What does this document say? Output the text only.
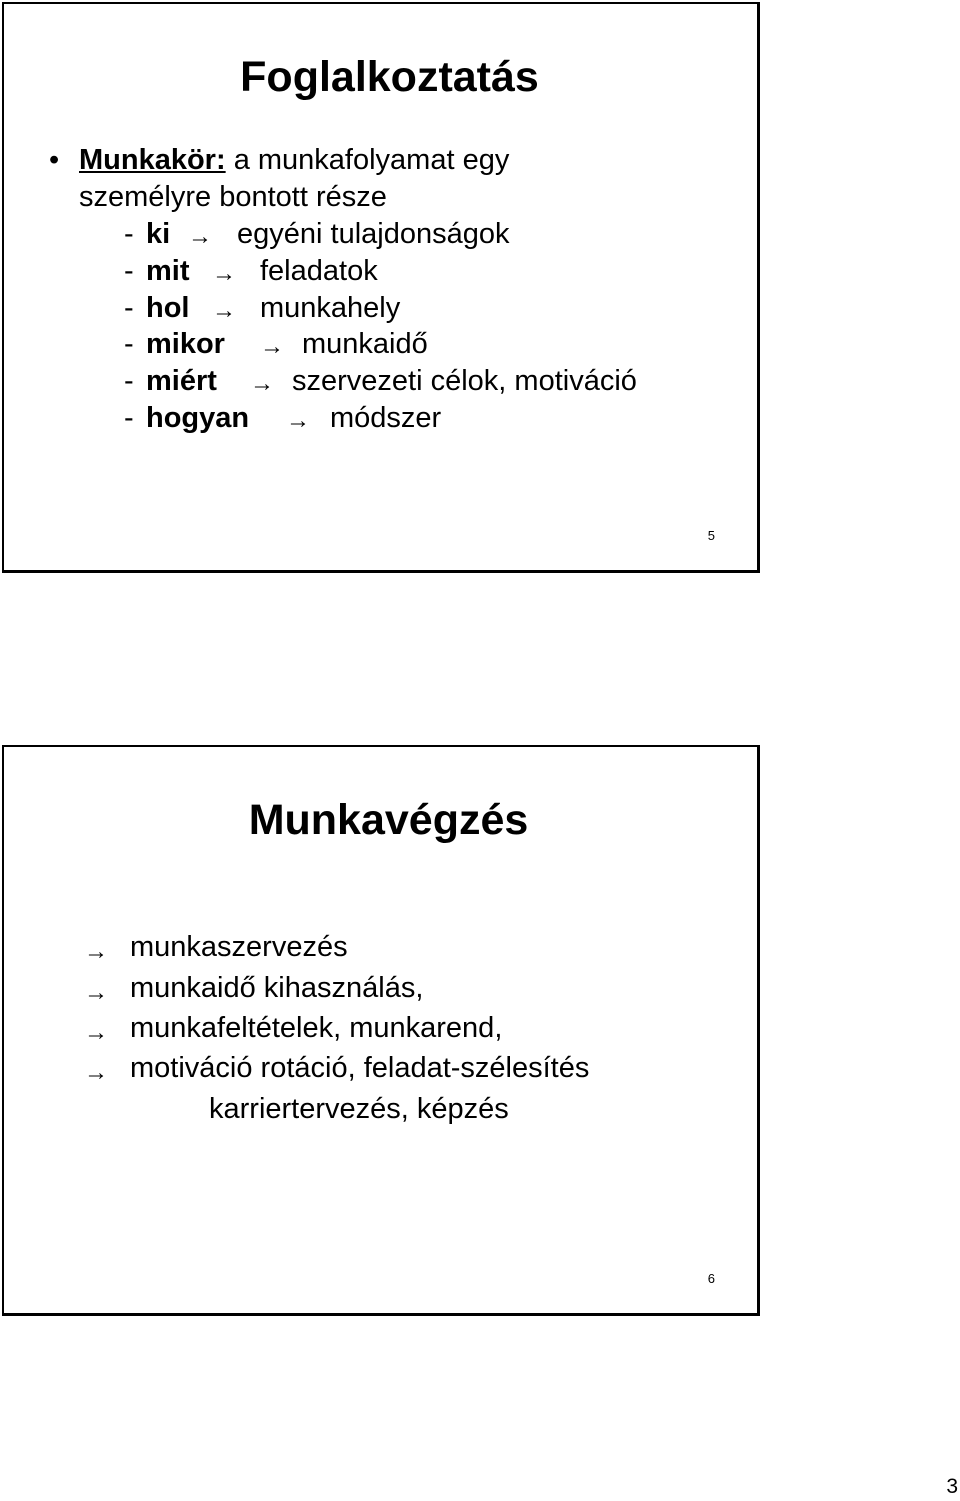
Foglalkoztatás
• Munkakör: a munkafolyamat egy
személyre bontott része
- ki → egyéni tulajdonságok
- mit → feladatok
- hol → munkahely
- mikor → munkaidő
- miért → szervezeti célok, motiváció
- hogyan → módszer
5
Munkavégzés
→ munkaszervezés
→ munkaidő kihasználás,
→ munkafeltételek, munkarend,
→ motiváció rotáció, feladat-szélesítés
karriertervezés, képzés
6
3
